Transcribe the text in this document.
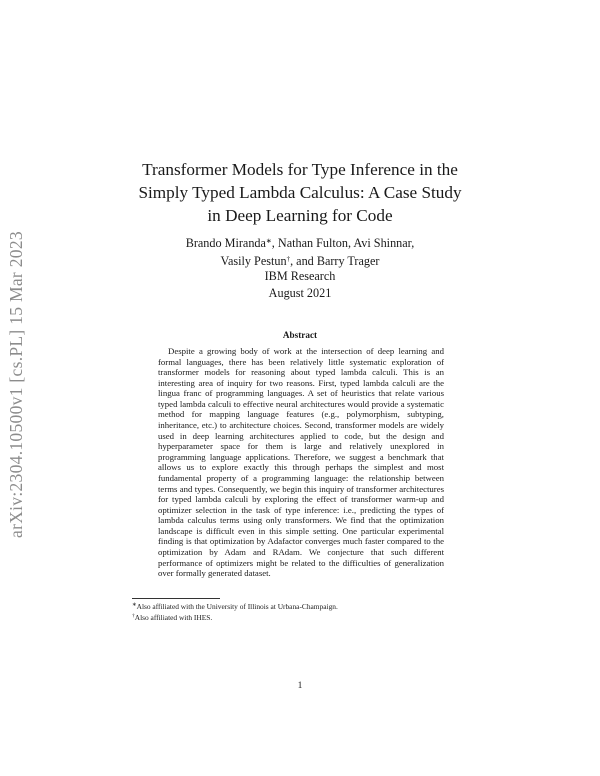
arXiv:2304.10500v1 [cs.PL] 15 Mar 2023
Transformer Models for Type Inference in the
Simply Typed Lambda Calculus: A Case Study
in Deep Learning for Code
Brando Miranda∗, Nathan Fulton, Avi Shinnar,
Vasily Pestun†, and Barry Trager
IBM Research
August 2021
Abstract

Despite a growing body of work at the intersection of deep learning and formal languages, there has been relatively little systematic exploration of transformer models for reasoning about typed lambda calculi. This is an interesting area of inquiry for two reasons. First, typed lambda calculi are the lingua franc of programming languages. A set of heuristics that relate various typed lambda calculi to effective neural architectures would provide a systematic method for mapping language features (e.g., polymorphism, subtyping, inheritance, etc.) to architecture choices. Second, transformer models are widely used in deep learning architectures applied to code, but the design and hyperparameter space for them is large and relatively unexplored in programming language applications. Therefore, we suggest a benchmark that allows us to explore exactly this through perhaps the simplest and most fundamental property of a programming language: the relationship between terms and types. Consequently, we begin this inquiry of transformer architectures for typed lambda calculi by exploring the effect of transformer warm-up and optimizer selection in the task of type inference: i.e., predicting the types of lambda calculus terms using only transformers. We find that the optimization landscape is difficult even in this simple setting. One particular experimental finding is that optimization by Adafactor converges much faster compared to the optimization by Adam and RAdam. We conjecture that such different performance of optimizers might be related to the difficulties of generalization over formally generated dataset.

∗Also affiliated with the University of Illinois at Urbana-Champaign.
†Also affiliated with IHES.
1
